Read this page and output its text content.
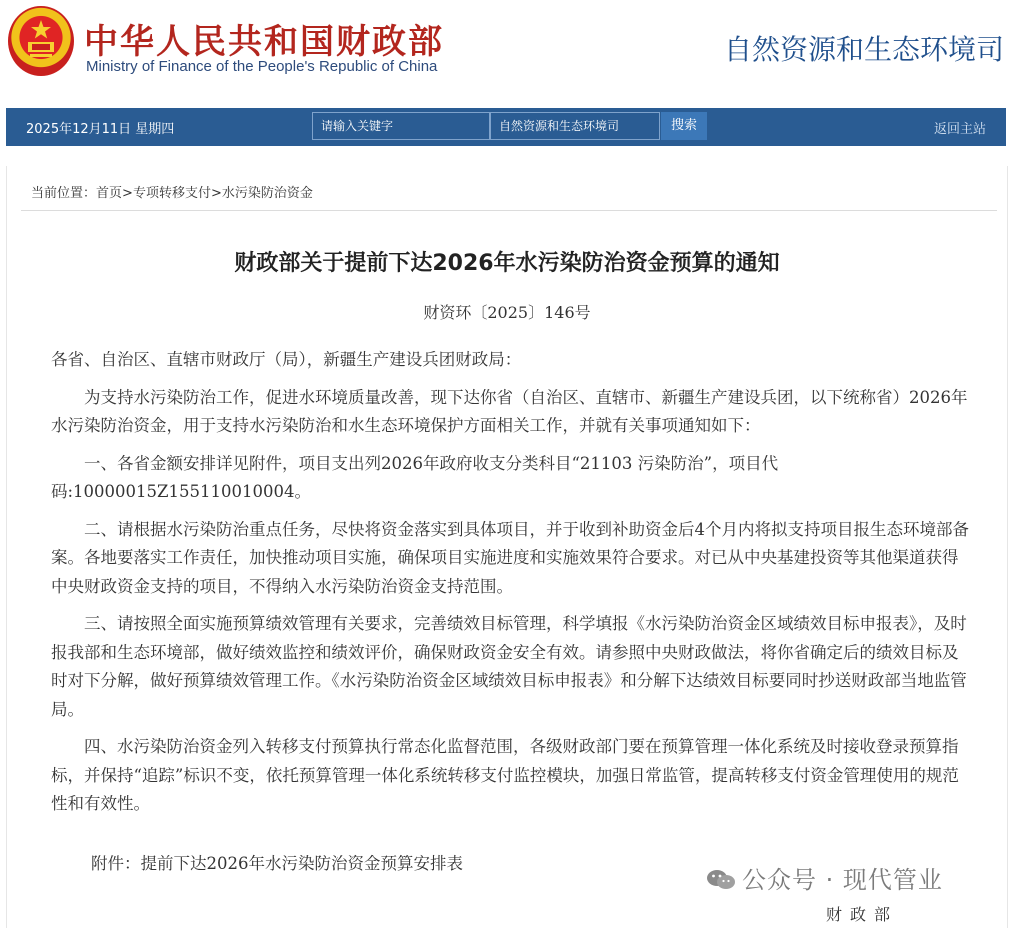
中华人民共和国财政部
Ministry of Finance of the People's Republic of China
自然资源和生态环境司
2025年12月11日 星期四	请输入关键字	自然资源和生态环境司	搜索	返回主站
当前位置：首页>专项转移支付>水污染防治资金
财政部关于提前下达2026年水污染防治资金预算的通知
财资环〔2025〕146号

各省、自治区、直辖市财政厅（局），新疆生产建设兵团财政局：

为支持水污染防治工作，促进水环境质量改善，现下达你省（自治区、直辖市、新疆生产建设兵团，以下统称省）2026年水污染防治资金，用于支持水污染防治和水生态环境保护方面相关工作，并就有关事项通知如下：

一、各省金额安排详见附件，项目支出列2026年政府收支分类科目“21103 污染防治”，项目代码:10000015Z155110010004。

二、请根据水污染防治重点任务，尽快将资金落实到具体项目，并于收到补助资金后4个月内将拟支持项目报生态环境部备案。各地要落实工作责任，加快推动项目实施，确保项目实施进度和实施效果符合要求。对已从中央基建投资等其他渠道获得中央财政资金支持的项目，不得纳入水污染防治资金支持范围。

三、请按照全面实施预算绩效管理有关要求，完善绩效目标管理，科学填报《水污染防治资金区域绩效目标申报表》，及时报我部和生态环境部，做好绩效监控和绩效评价，确保财政资金安全有效。请参照中央财政做法，将你省确定后的绩效目标及时对下分解，做好预算绩效管理工作。《水污染防治资金区域绩效目标申报表》和分解下达绩效目标要同时抄送财政部当地监管局。

四、水污染防治资金列入转移支付预算执行常态化监督范围，各级财政部门要在预算管理一体化系统及时接收登录预算指标，并保持“追踪”标识不变，依托预算管理一体化系统转移支付监控模块，加强日常监管，提高转移支付资金管理使用的规范性和有效性。

附件：提前下达2026年水污染防治资金预算安排表
公众号 · 现代管业
财政部
